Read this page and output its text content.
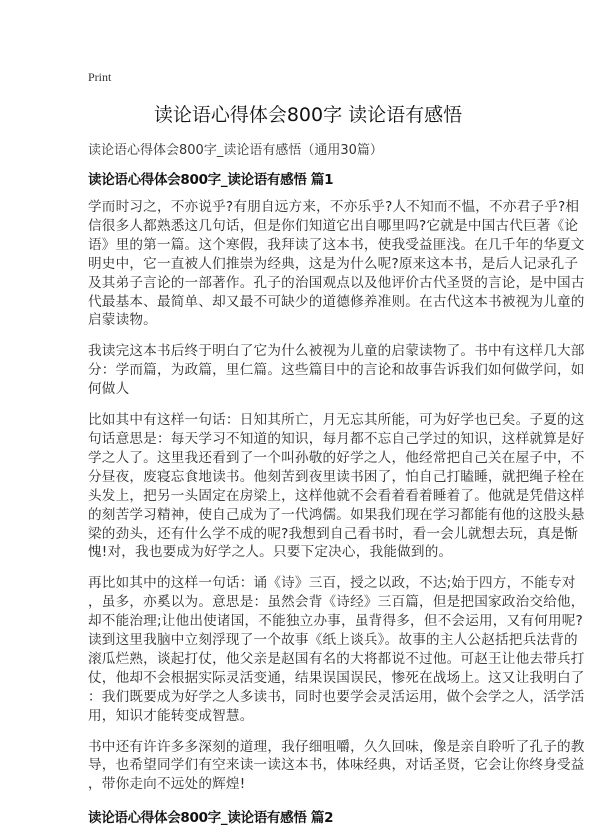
Print
读论语心得体会800字 读论语有感悟
读论语心得体会800字_读论语有感悟（通用30篇）
读论语心得体会800字_读论语有感悟 篇1
学而时习之，不亦说乎?有朋自远方来，不亦乐乎?人不知而不愠，不亦君子乎?相
信很多人都熟悉这几句话，但是你们知道它出自哪里吗?它就是中国古代巨著《论
语》里的第一篇。这个寒假，我拜读了这本书，使我受益匪浅。在几千年的华夏文
明史中，它一直被人们推崇为经典，这是为什么呢?原来这本书，是后人记录孔子
及其弟子言论的一部著作。孔子的治国观点以及他评价古代圣贤的言论，是中国古
代最基本、最简单、却又最不可缺少的道德修养准则。在古代这本书被视为儿童的
启蒙读物。
我读完这本书后终于明白了它为什么被视为儿童的启蒙读物了。书中有这样几大部
分：学而篇，为政篇，里仁篇。这些篇目中的言论和故事告诉我们如何做学问，如
何做人
比如其中有这样一句话：日知其所亡，月无忘其所能，可为好学也已矣。子夏的这
句话意思是：每天学习不知道的知识，每月都不忘自己学过的知识，这样就算是好
学之人了。这里我还看到了一个叫孙敬的好学之人，他经常把自己关在屋子中，不
分昼夜，废寝忘食地读书。他刻苦到夜里读书困了，怕自己打瞌睡，就把绳子栓在
头发上，把另一头固定在房梁上，这样他就不会看着看着睡着了。他就是凭借这样
的刻苦学习精神，使自己成为了一代鸿儒。如果我们现在学习都能有他的这股头悬
梁的劲头，还有什么学不成的呢?我想到自己看书时，看一会儿就想去玩，真是惭
愧!对，我也要成为好学之人。只要下定决心，我能做到的。
再比如其中的这样一句话：诵《诗》三百，授之以政，不达;始于四方，不能专对
，虽多，亦奚以为。意思是：虽然会背《诗经》三百篇，但是把国家政治交给他，
却不能治理;让他出使诸国，不能独立办事，虽背得多，但不会运用，又有何用呢?
读到这里我脑中立刻浮现了一个故事《纸上谈兵》。故事的主人公赵括把兵法背的
滚瓜烂熟，谈起打仗，他父亲是赵国有名的大将都说不过他。可赵王让他去带兵打
仗，他却不会根据实际灵活变通，结果误国误民，惨死在战场上。这又让我明白了
：我们既要成为好学之人多读书，同时也要学会灵活运用，做个会学之人，活学活
用，知识才能转变成智慧。
书中还有许许多多深刻的道理，我仔细咀嚼，久久回味，像是亲自聆听了孔子的教
导，也希望同学们有空来读一读这本书，体味经典，对话圣贤，它会让你终身受益
，带你走向不远处的辉煌!
读论语心得体会800字_读论语有感悟 篇2
